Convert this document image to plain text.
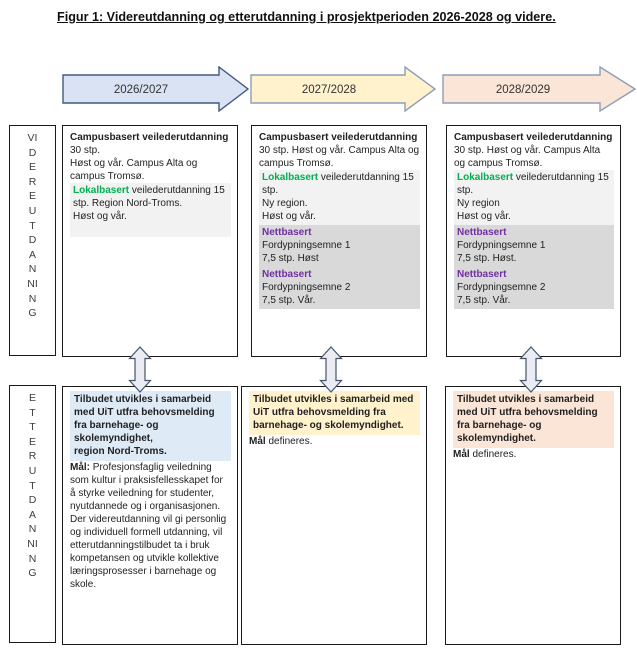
Figur 1: Videreutdanning og etterutdanning i prosjektperioden 2026-2028 og videre.
2026/2027	2027/2028	2028/2029
VIDEREUTDANNING
ETTERUTDANNING

Campusbasert veilederutdanning 30 stp.
Høst og vår. Campus Alta og campus Tromsø.

Lokalbasert veilederutdanning 15 stp. Region Nord-Troms.
Høst og vår.

Campusbasert veilederutdanning 30 stp. Høst og vår. Campus Alta og campus Tromsø.

Lokalbasert veilederutdanning 15 stp.
Ny region.
Høst og vår.

Nettbasert
Fordypningsemne 1
7,5 stp. Høst

Nettbasert
Fordypningsemne 2
7,5 stp. Vår.

Campusbasert veilederutdanning 30 stp. Høst og vår. Campus Alta og campus Tromsø.

Lokalbasert veilederutdanning 15 stp.
Ny region
Høst og vår.

Nettbasert
Fordypningsemne 1
7,5 stp. Høst.

Nettbasert
Fordypningsemne 2
7,5 stp. Vår.

Tilbudet utvikles i samarbeid med UiT utfra behovsmelding fra barnehage- og skolemyndighet,
region Nord-Troms.

Mål: Profesjonsfaglig veiledning som kultur i praksisfellesskapet for å styrke veiledning for studenter, nyutdannede og i organisasjonen.

Der videreutdanning vil gi personlig og individuell formell utdanning, vil etterutdanningstilbudet ta i bruk kompetansen og utvikle kollektive læringsprosesser i barnehage og skole.

Tilbudet utvikles i samarbeid med UiT utfra behovsmelding fra barnehage- og skolemyndighet.

Mål defineres.

Tilbudet utvikles i samarbeid med UiT utfra behovsmelding fra barnehage- og skolemyndighet.

Mål defineres.
